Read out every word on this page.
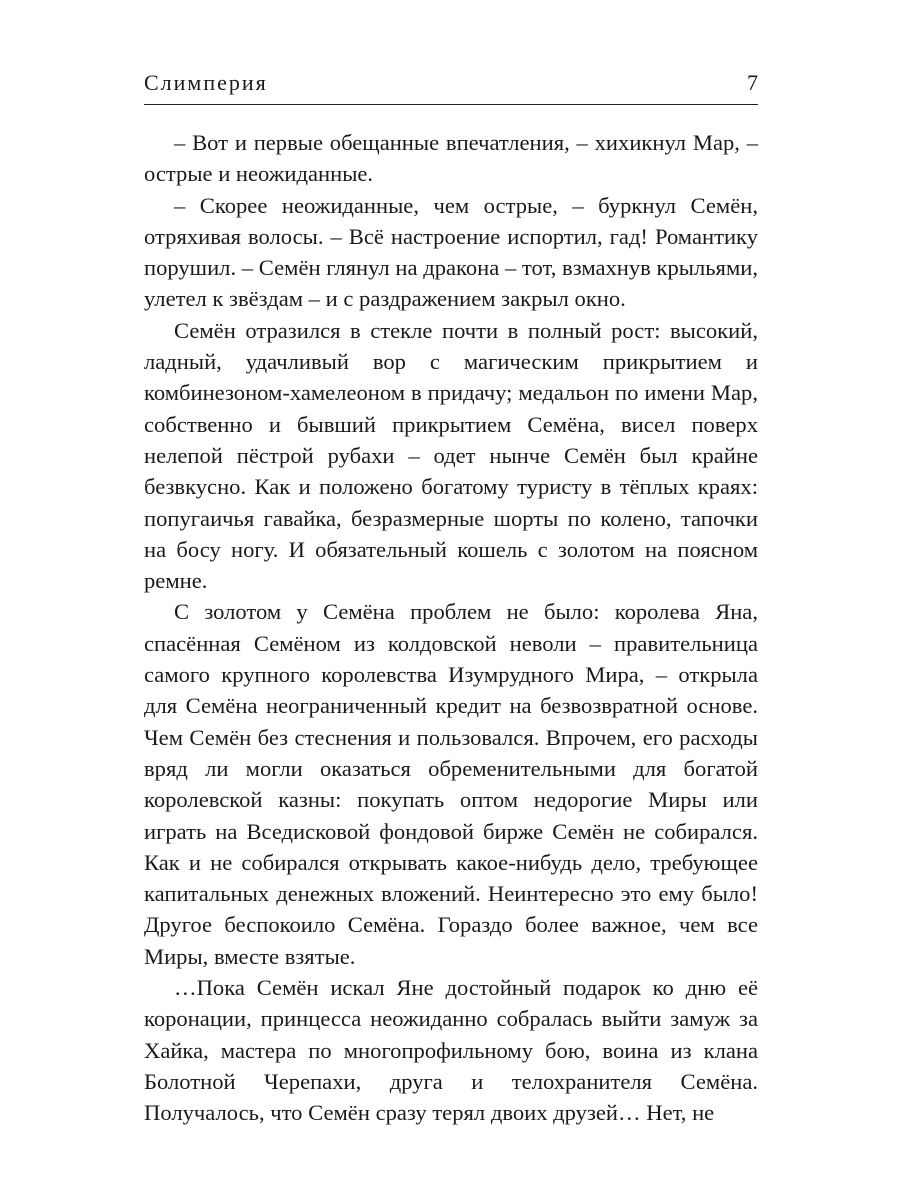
Слимперия	7

– Вот и первые обещанные впечатления, – хихикнул Мар, – острые и неожиданные.

– Скорее неожиданные, чем острые, – буркнул Семён, отряхивая волосы. – Всё настроение испортил, гад! Романтику порушил. – Семён глянул на дракона – тот, взмахнув крыльями, улетел к звёздам – и с раздражением закрыл окно.

Семён отразился в стекле почти в полный рост: высокий, ладный, удачливый вор с магическим прикрытием и комбинезоном-хамелеоном в придачу; медальон по имени Мар, собственно и бывший прикрытием Семёна, висел поверх нелепой пёстрой рубахи – одет нынче Семён был крайне безвкусно. Как и положено богатому туристу в тёплых краях: попугаичья гавайка, безразмерные шорты по колено, тапочки на босу ногу. И обязательный кошель с золотом на поясном ремне.

С золотом у Семёна проблем не было: королева Яна, спасённая Семёном из колдовской неволи – правительница самого крупного королевства Изумрудного Мира, – открыла для Семёна неограниченный кредит на безвозвратной основе. Чем Семён без стеснения и пользовался. Впрочем, его расходы вряд ли могли оказаться обременительными для богатой королевской казны: покупать оптом недорогие Миры или играть на Вседисковой фондовой бирже Семён не собирался. Как и не собирался открывать какое-нибудь дело, требующее капитальных денежных вложений. Неинтересно это ему было! Другое беспокоило Семёна. Гораздо более важное, чем все Миры, вместе взятые.

…Пока Семён искал Яне достойный подарок ко дню её коронации, принцесса неожиданно собралась выйти замуж за Хайка, мастера по многопрофильному бою, воина из клана Болотной Черепахи, друга и телохранителя Семёна. Получалось, что Семён сразу терял двоих друзей… Нет, не
